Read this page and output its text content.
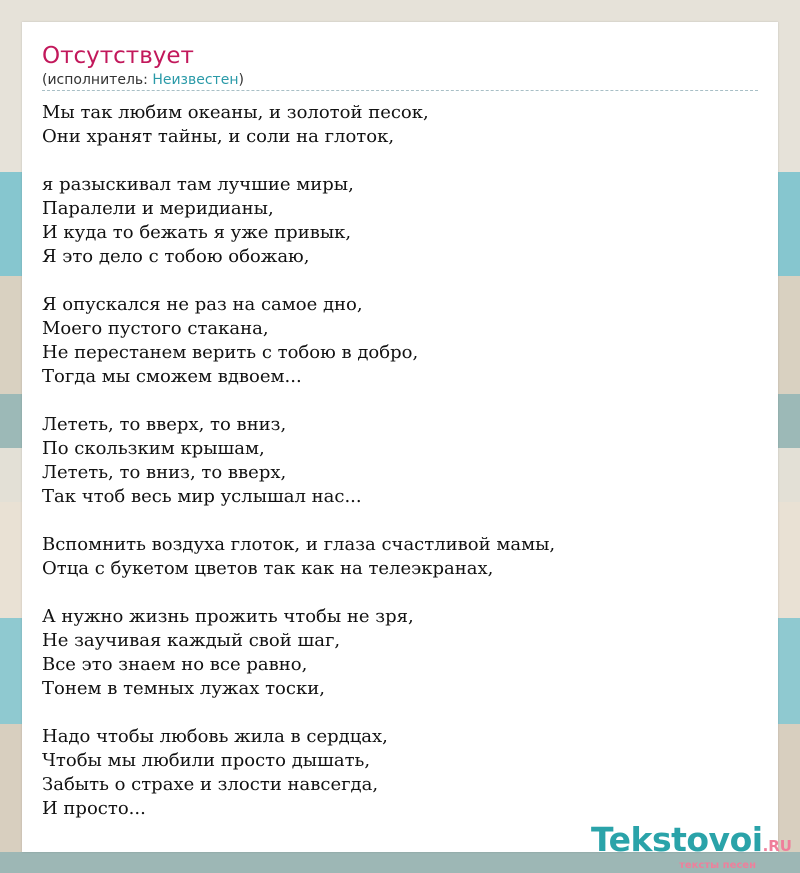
Отсутствует
(исполнитель: Неизвестен)
Мы так любим океаны, и золотой песок,
Они хранят тайны, и соли на глоток,
я разыскивал там лучшие миры,
Паралели и меридианы,
И куда то бежать я уже привык,
Я это дело с тобою обожаю,
Я опускался не раз на самое дно,
Моего пустого стакана,
Не перестанем верить с тобою в добро,
Тогда мы сможем вдвоем...
Лететь, то вверх, то вниз,
По скользким крышам,
Лететь, то вниз, то вверх,
Так чтоб весь мир услышал нас...
Вспомнить воздуха глоток, и глаза счастливой мамы,
Отца с букетом цветов так как на телеэкранах,
А нужно жизнь прожить чтобы не зря,
Не заучивая каждый свой шаг,
Все это знаем но все равно,
Тонем в темных лужах тоски,
Надо чтобы любовь жила в сердцах,
Чтобы мы любили просто дышать,
Забыть о страхе и злости навсегда,
И просто...
Tekstovoi.RU
тексты песен
